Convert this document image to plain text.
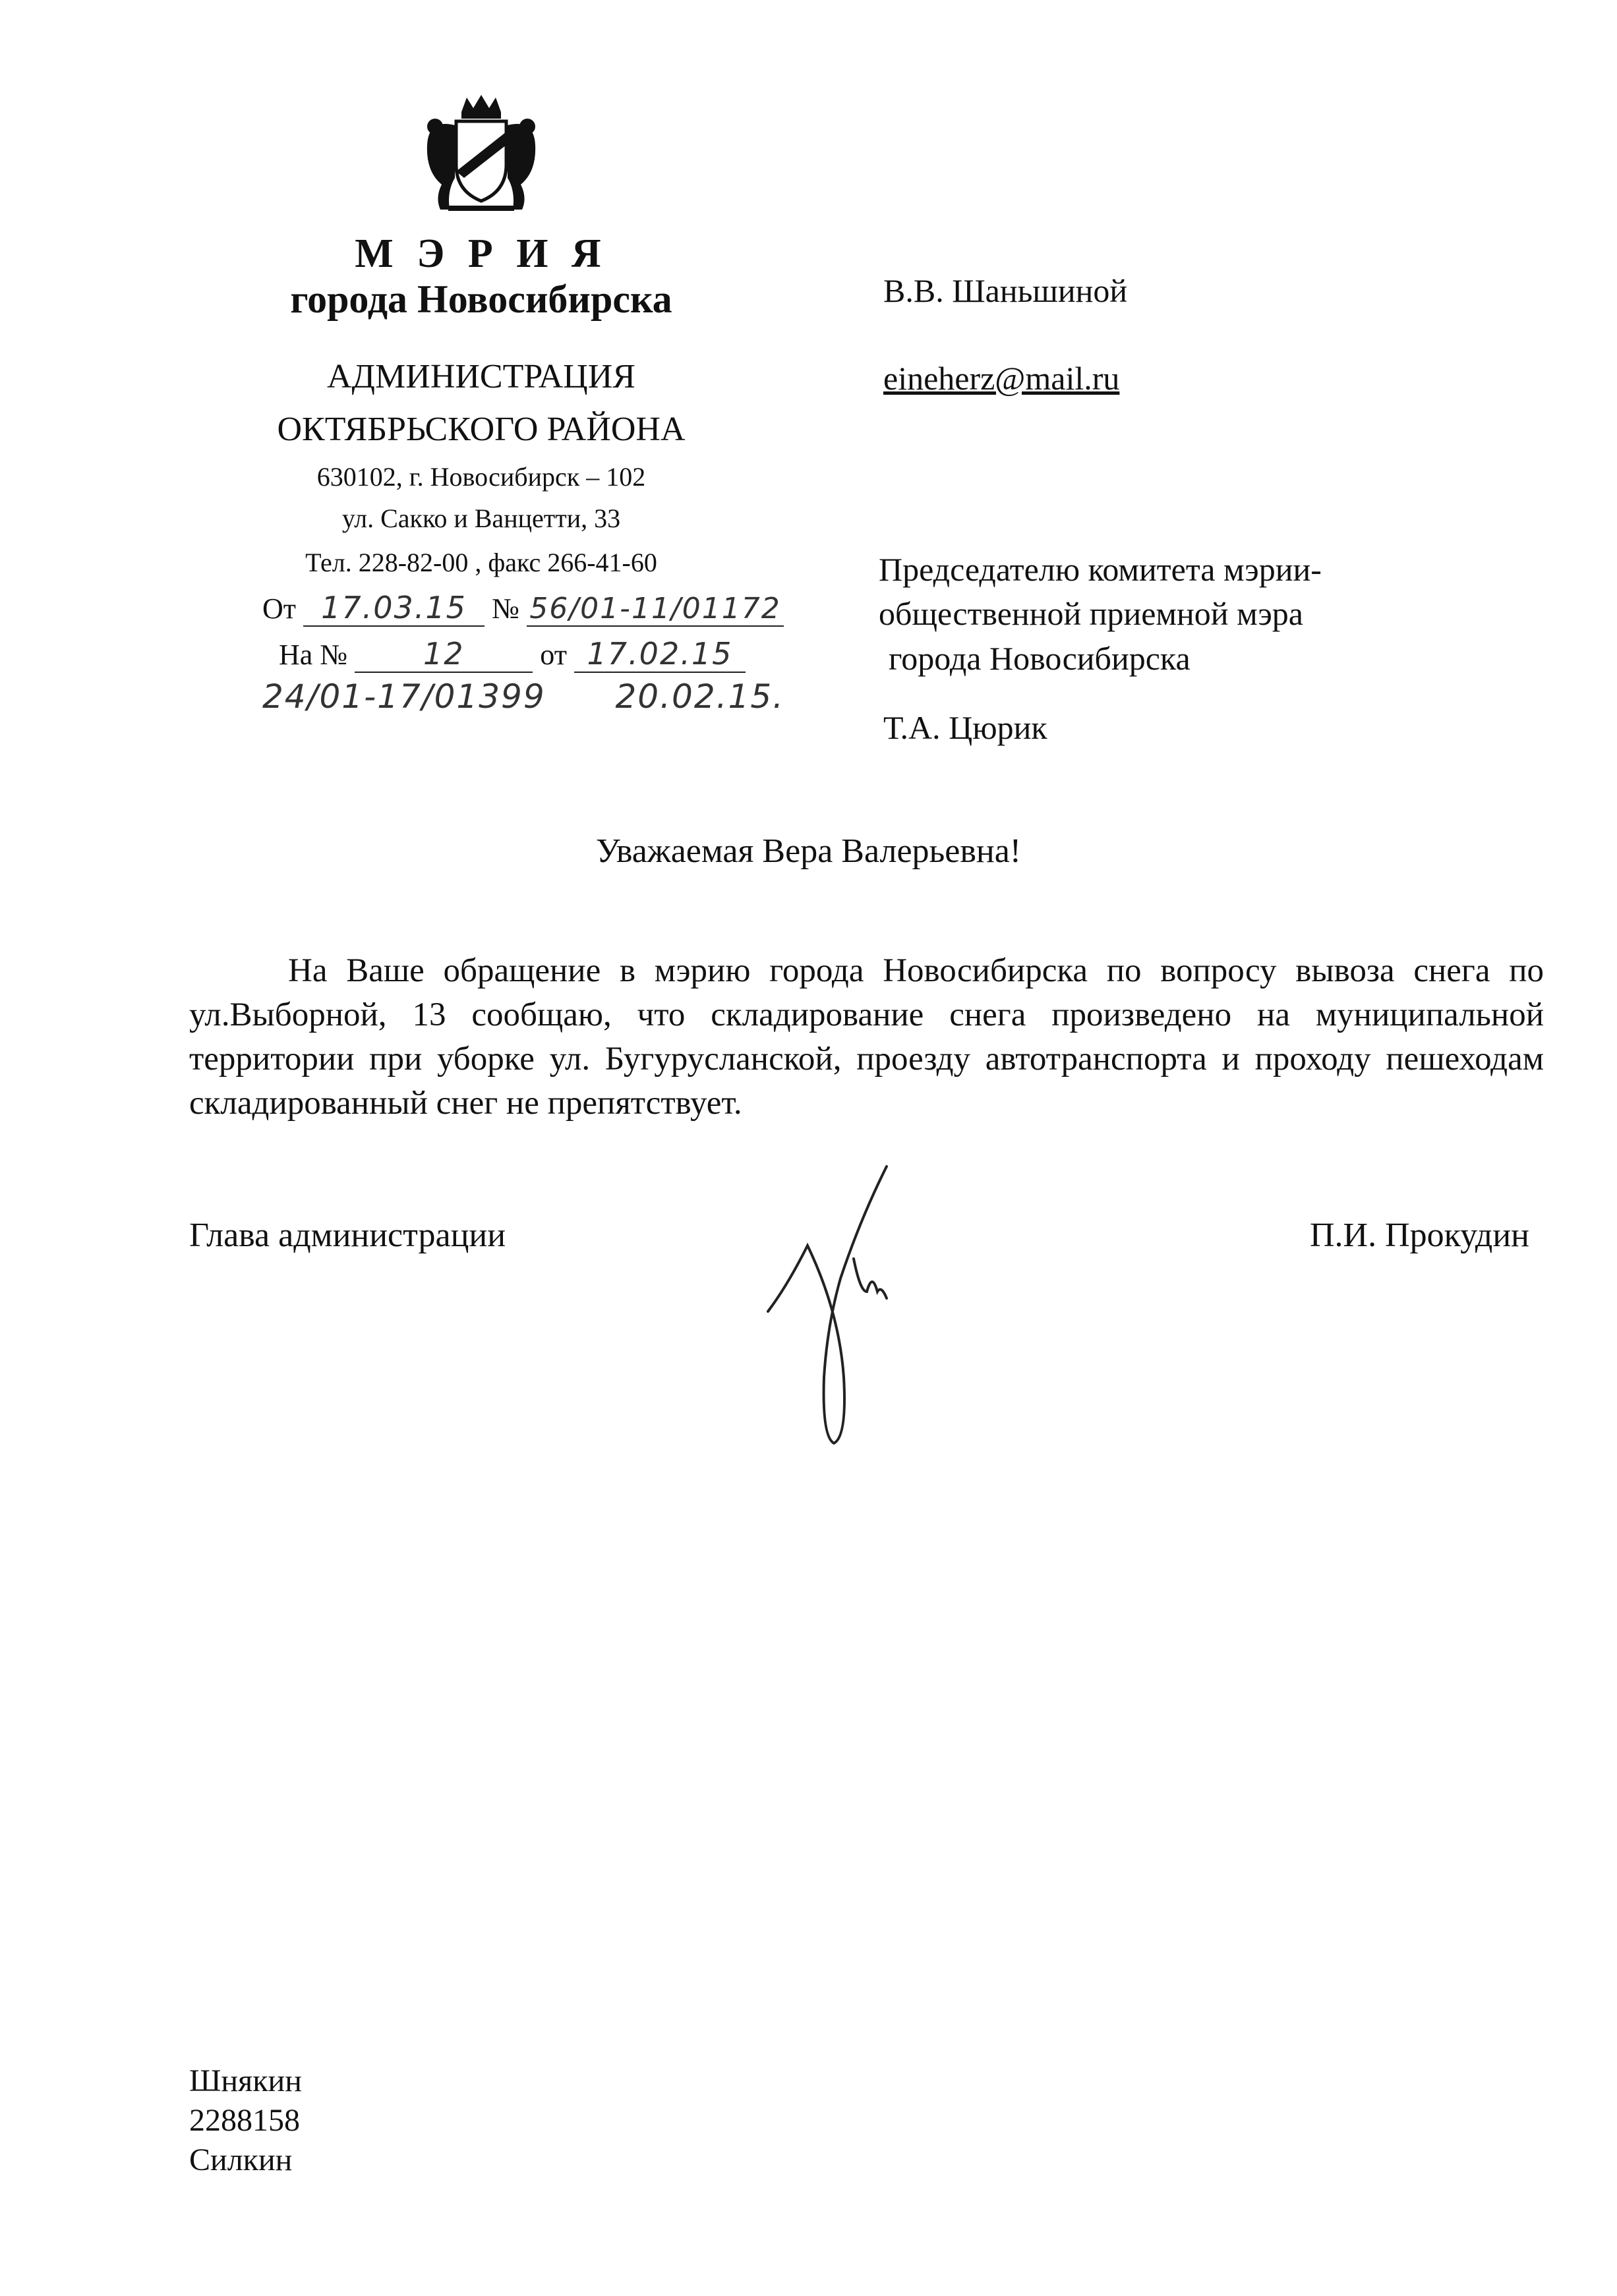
М Э Р И Я
города Новосибирска
АДМИНИСТРАЦИЯ
ОКТЯБРЬСКОГО РАЙОНА
630102, г. Новосибирск – 102
ул. Сакко и Ванцетти, 33
Тел. 228-82-00 , факс 266-41-60
От 17.03.15 № 56/01-11/01172
На № 12	от 17.02.15
24/01-17/01399 20.02.15.
В.В. Шаньшиной
eineherz@mail.ru
Председателю комитета мэрии-
общественной приемной мэра
города Новосибирска
Т.А. Цюрик
Уважаемая Вера Валерьевна!
На Ваше обращение в мэрию города Новосибирска по вопросу вывоза снега по ул.Выборной, 13 сообщаю, что складирование снега произведено на муниципальной территории при уборке ул. Бугурусланской, проезду автотранспорта и проходу пешеходам складированный снег не препятствует.
Глава администрации	П.И. Прокудин
Шнякин
2288158
Силкин
